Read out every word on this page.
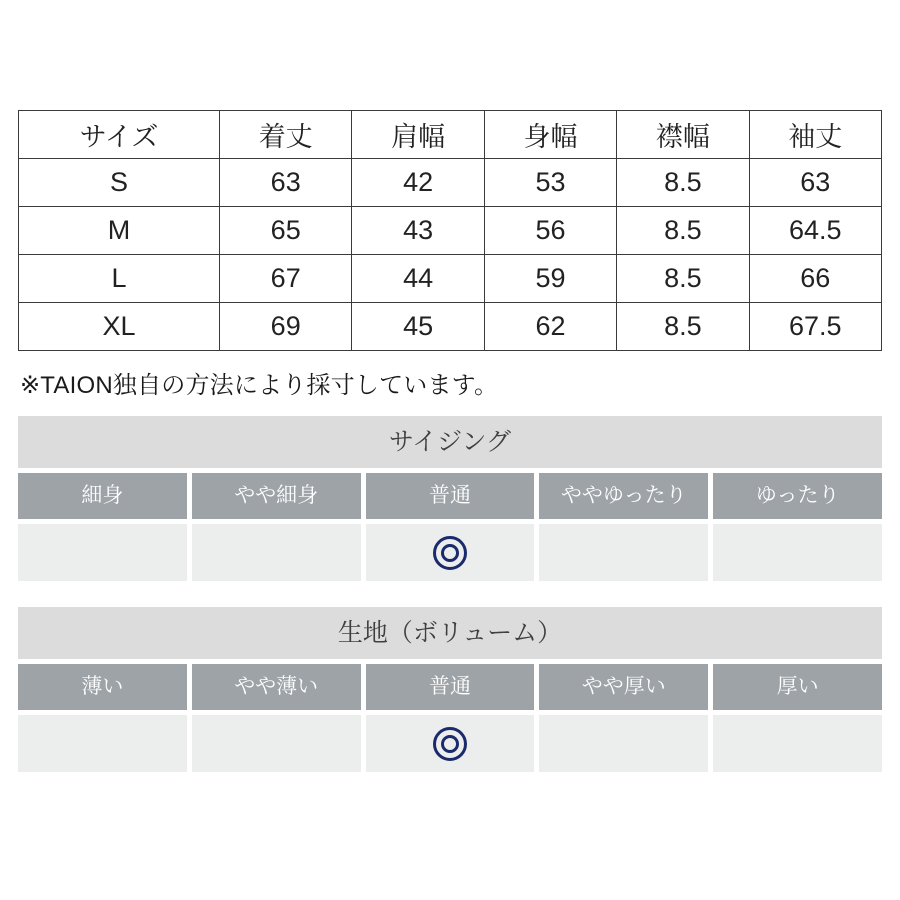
サイズ	着丈	肩幅	身幅	襟幅	袖丈
S	63	42	53	8.5	63
M	65	43	56	8.5	64.5
L	67	44	59	8.5	66
XL	69	45	62	8.5	67.5
※TAION独自の方法により採寸しています。
サイジング
細身	やや細身	普通	ややゆったり	ゆったり
生地（ボリューム）
薄い	やや薄い	普通	やや厚い	厚い
